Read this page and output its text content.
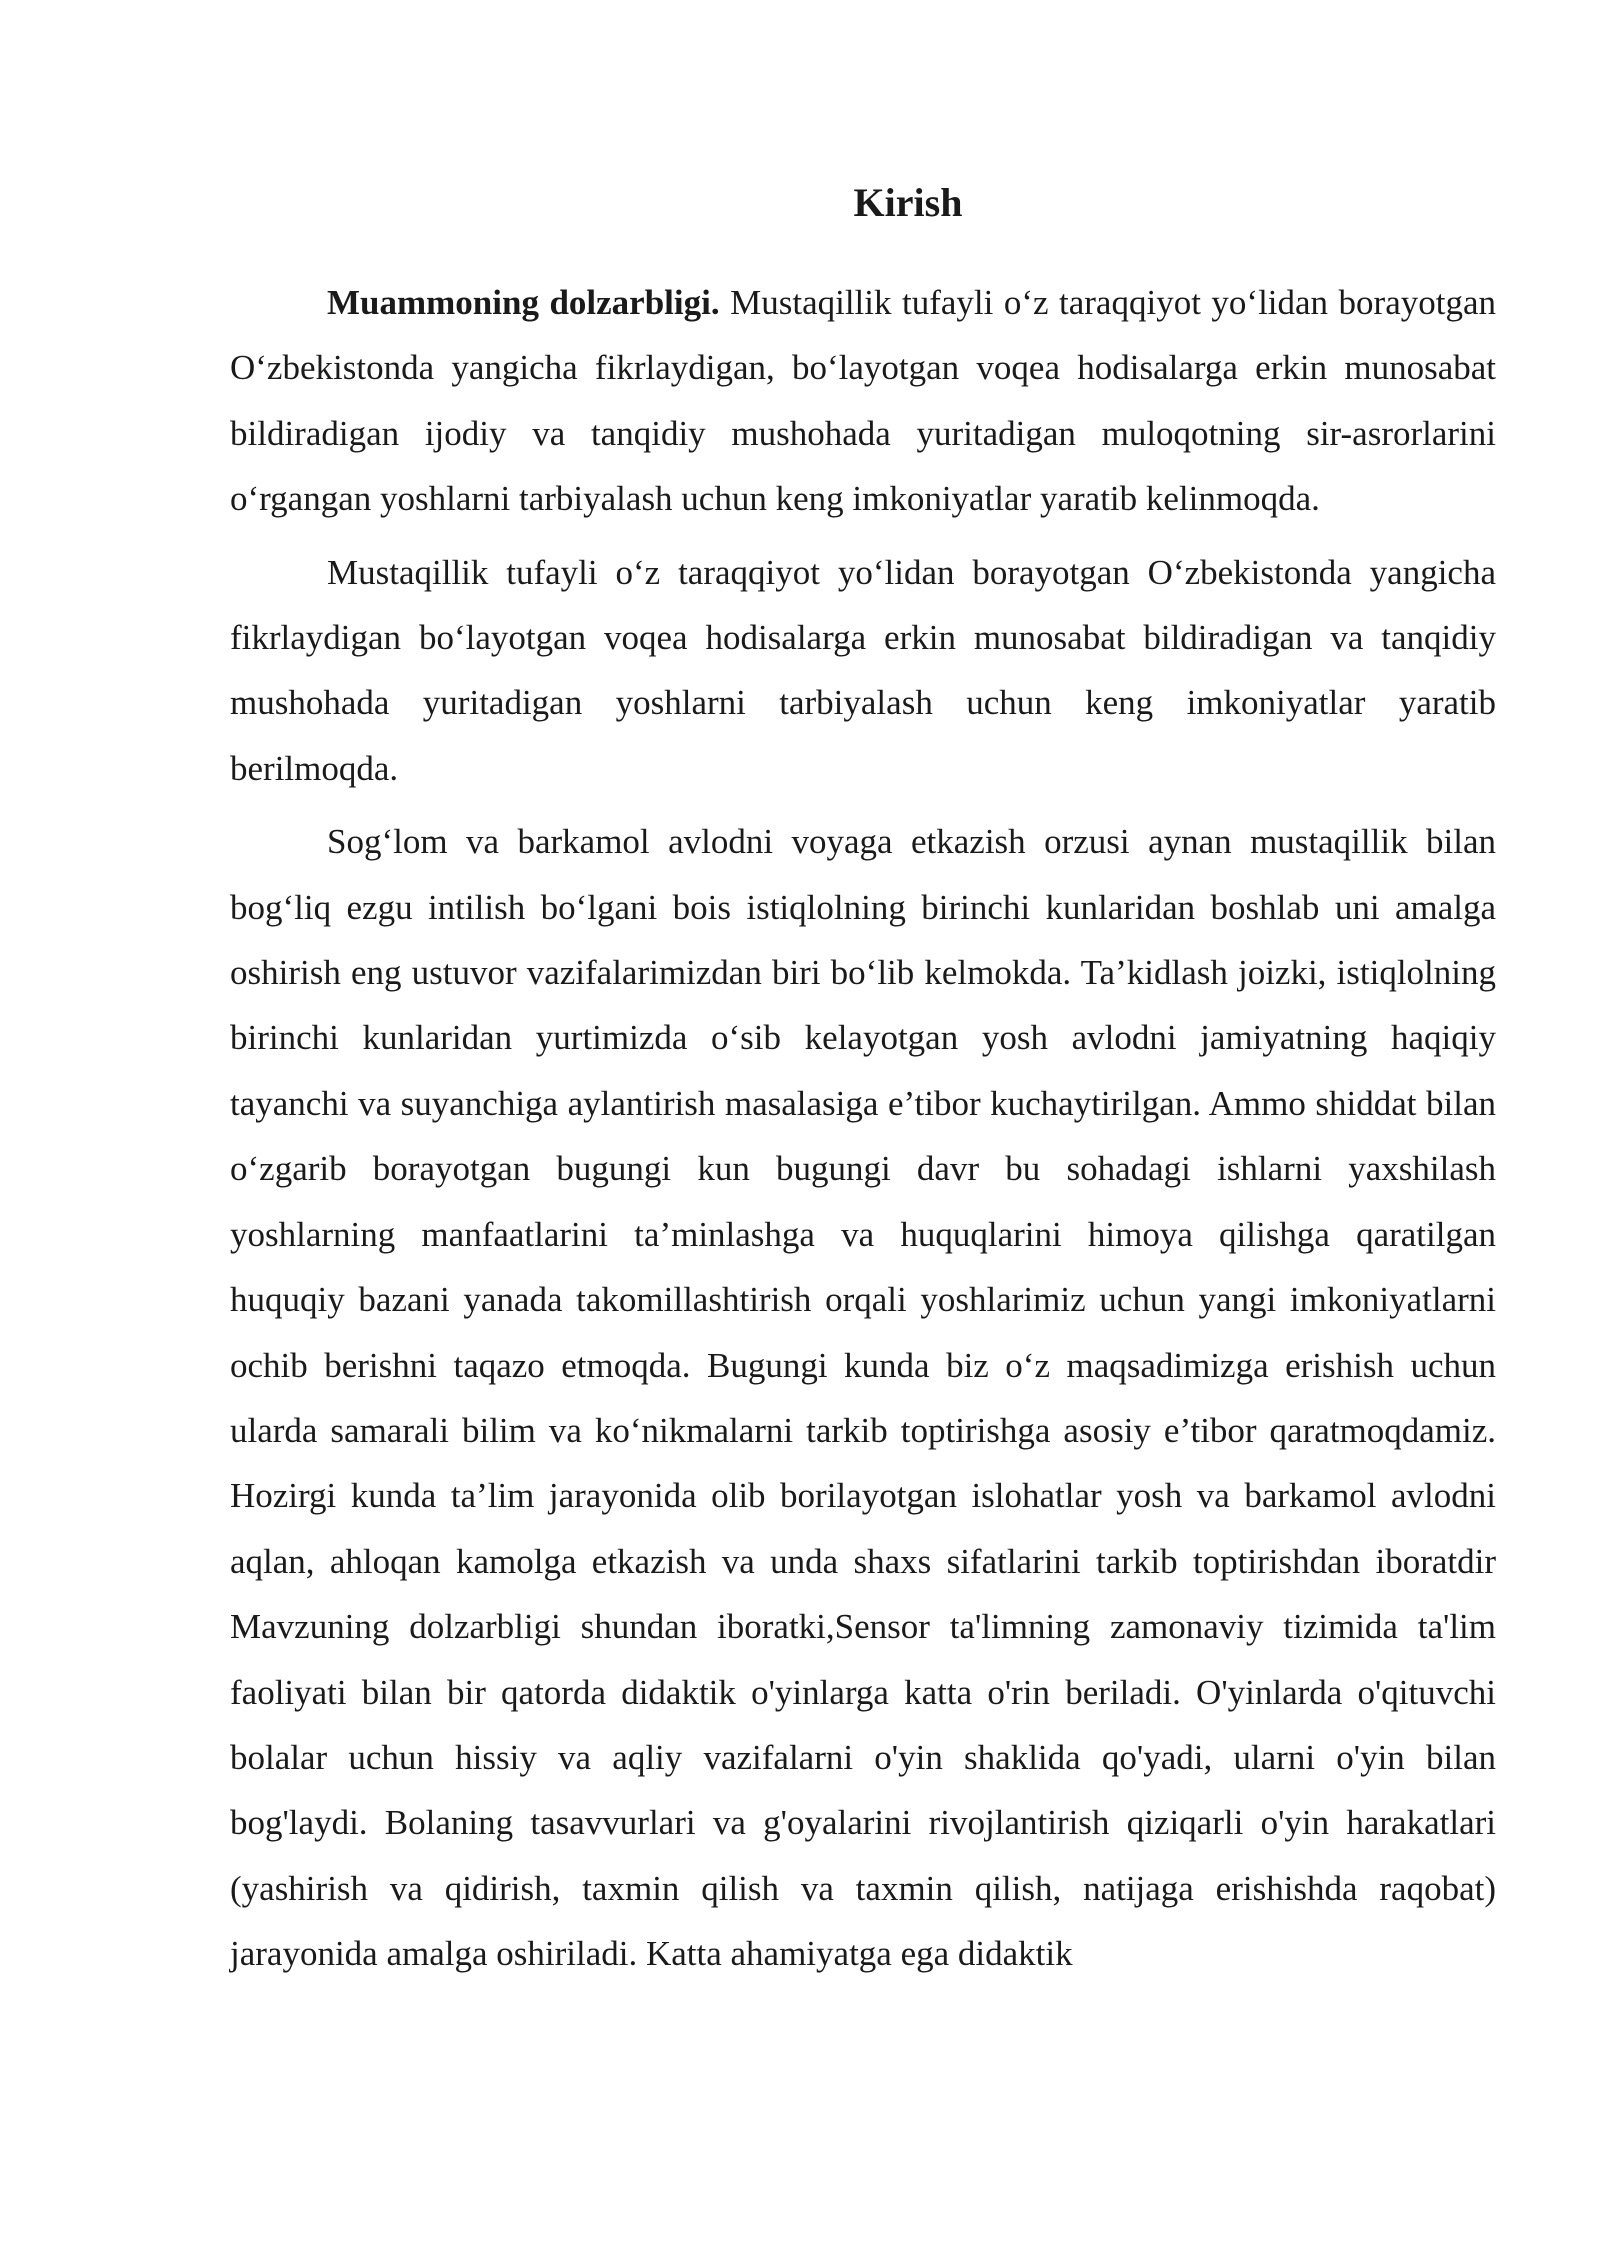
Kirish

Muammoning dolzarbligi. Mustaqillik tufayli o‘z taraqqiyot yo‘lidan borayotgan O‘zbekistonda yangicha fikrlaydigan, bo‘layotgan voqea hodisalarga erkin munosabat bildiradigan ijodiy va tanqidiy mushohada yuritadigan muloqotning sir-asrorlarini o‘rgangan yoshlarni tarbiyalash uchun keng imkoniyatlar yaratib kelinmoqda.

Mustaqillik tufayli o‘z taraqqiyot yo‘lidan borayotgan O‘zbekistonda yangicha fikrlaydigan bo‘layotgan voqea hodisalarga erkin munosabat bildiradigan va tanqidiy mushohada yuritadigan yoshlarni tarbiyalash uchun keng imkoniyatlar yaratib berilmoqda.

Sog‘lom va barkamol avlodni voyaga etkazish orzusi aynan mustaqillik bilan bog‘liq ezgu intilish bo‘lgani bois istiqlolning birinchi kunlaridan boshlab uni amalga oshirish eng ustuvor vazifalarimizdan biri bo‘lib kelmokda. Ta’kidlash joizki, istiqlolning birinchi kunlaridan yurtimizda o‘sib kelayotgan yosh avlodni jamiyatning haqiqiy tayanchi va suyanchiga aylantirish masalasiga e’tibor kuchaytirilgan. Ammo shiddat bilan o‘zgarib borayotgan bugungi kun bugungi davr bu sohadagi ishlarni yaxshilash yoshlarning manfaatlarini ta’minlashga va huquqlarini himoya qilishga qaratilgan huquqiy bazani yanada takomillashtirish orqali yoshlarimiz uchun yangi imkoniyatlarni ochib berishni taqazo etmoqda. Bugungi kunda biz o‘z maqsadimizga erishish uchun ularda samarali bilim va ko‘nikmalarni tarkib toptirishga asosiy e’tibor qaratmoqdamiz. Hozirgi kunda ta’lim jarayonida olib borilayotgan islohatlar yosh va barkamol avlodni aqlan, ahloqan kamolga etkazish va unda shaxs sifatlarini tarkib toptirishdan iboratdir Mavzuning dolzarbligi shundan iboratki,Sensor ta'limning zamonaviy tizimida ta'lim faoliyati bilan bir qatorda didaktik o'yinlarga katta o'rin beriladi. O'yinlarda o'qituvchi bolalar uchun hissiy va aqliy vazifalarni o'yin shaklida qo'yadi, ularni o'yin bilan bog'laydi. Bolaning tasavvurlari va g'oyalarini rivojlantirish qiziqarli o'yin harakatlari (yashirish va qidirish, taxmin qilish va taxmin qilish, natijaga erishishda raqobat) jarayonida amalga oshiriladi. Katta ahamiyatga ega didaktik
